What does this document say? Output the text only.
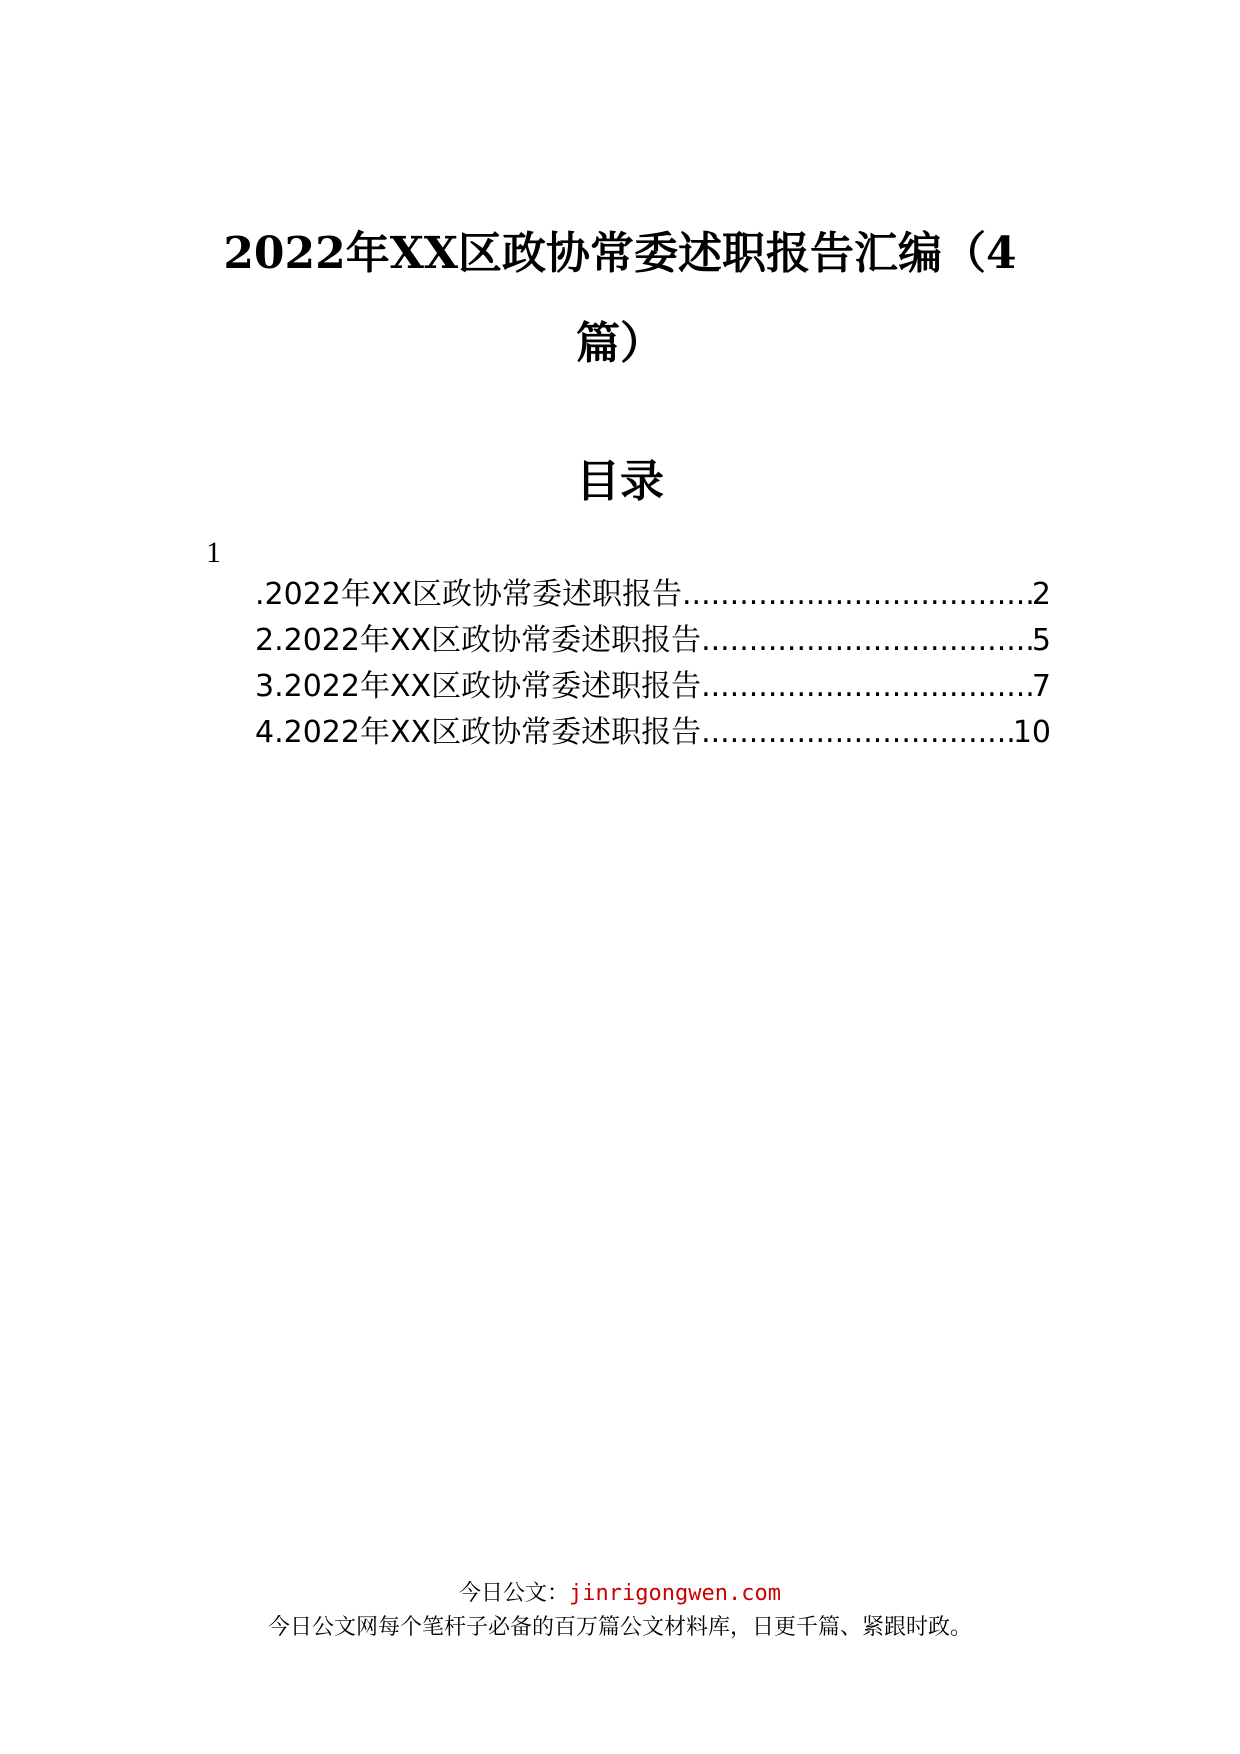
2022年XX区政协常委述职报告汇编（4
篇）
目录
1
.2022年XX区政协常委述职报告 .....	2
2.2022年XX区政协常委述职报告 .....	5
3.2022年XX区政协常委述职报告 .....	7
4.2022年XX区政协常委述职报告 .....	10
今日公文：jinrigongwen.com
今日公文网每个笔杆子必备的百万篇公文材料库，日更千篇、紧跟时政。
